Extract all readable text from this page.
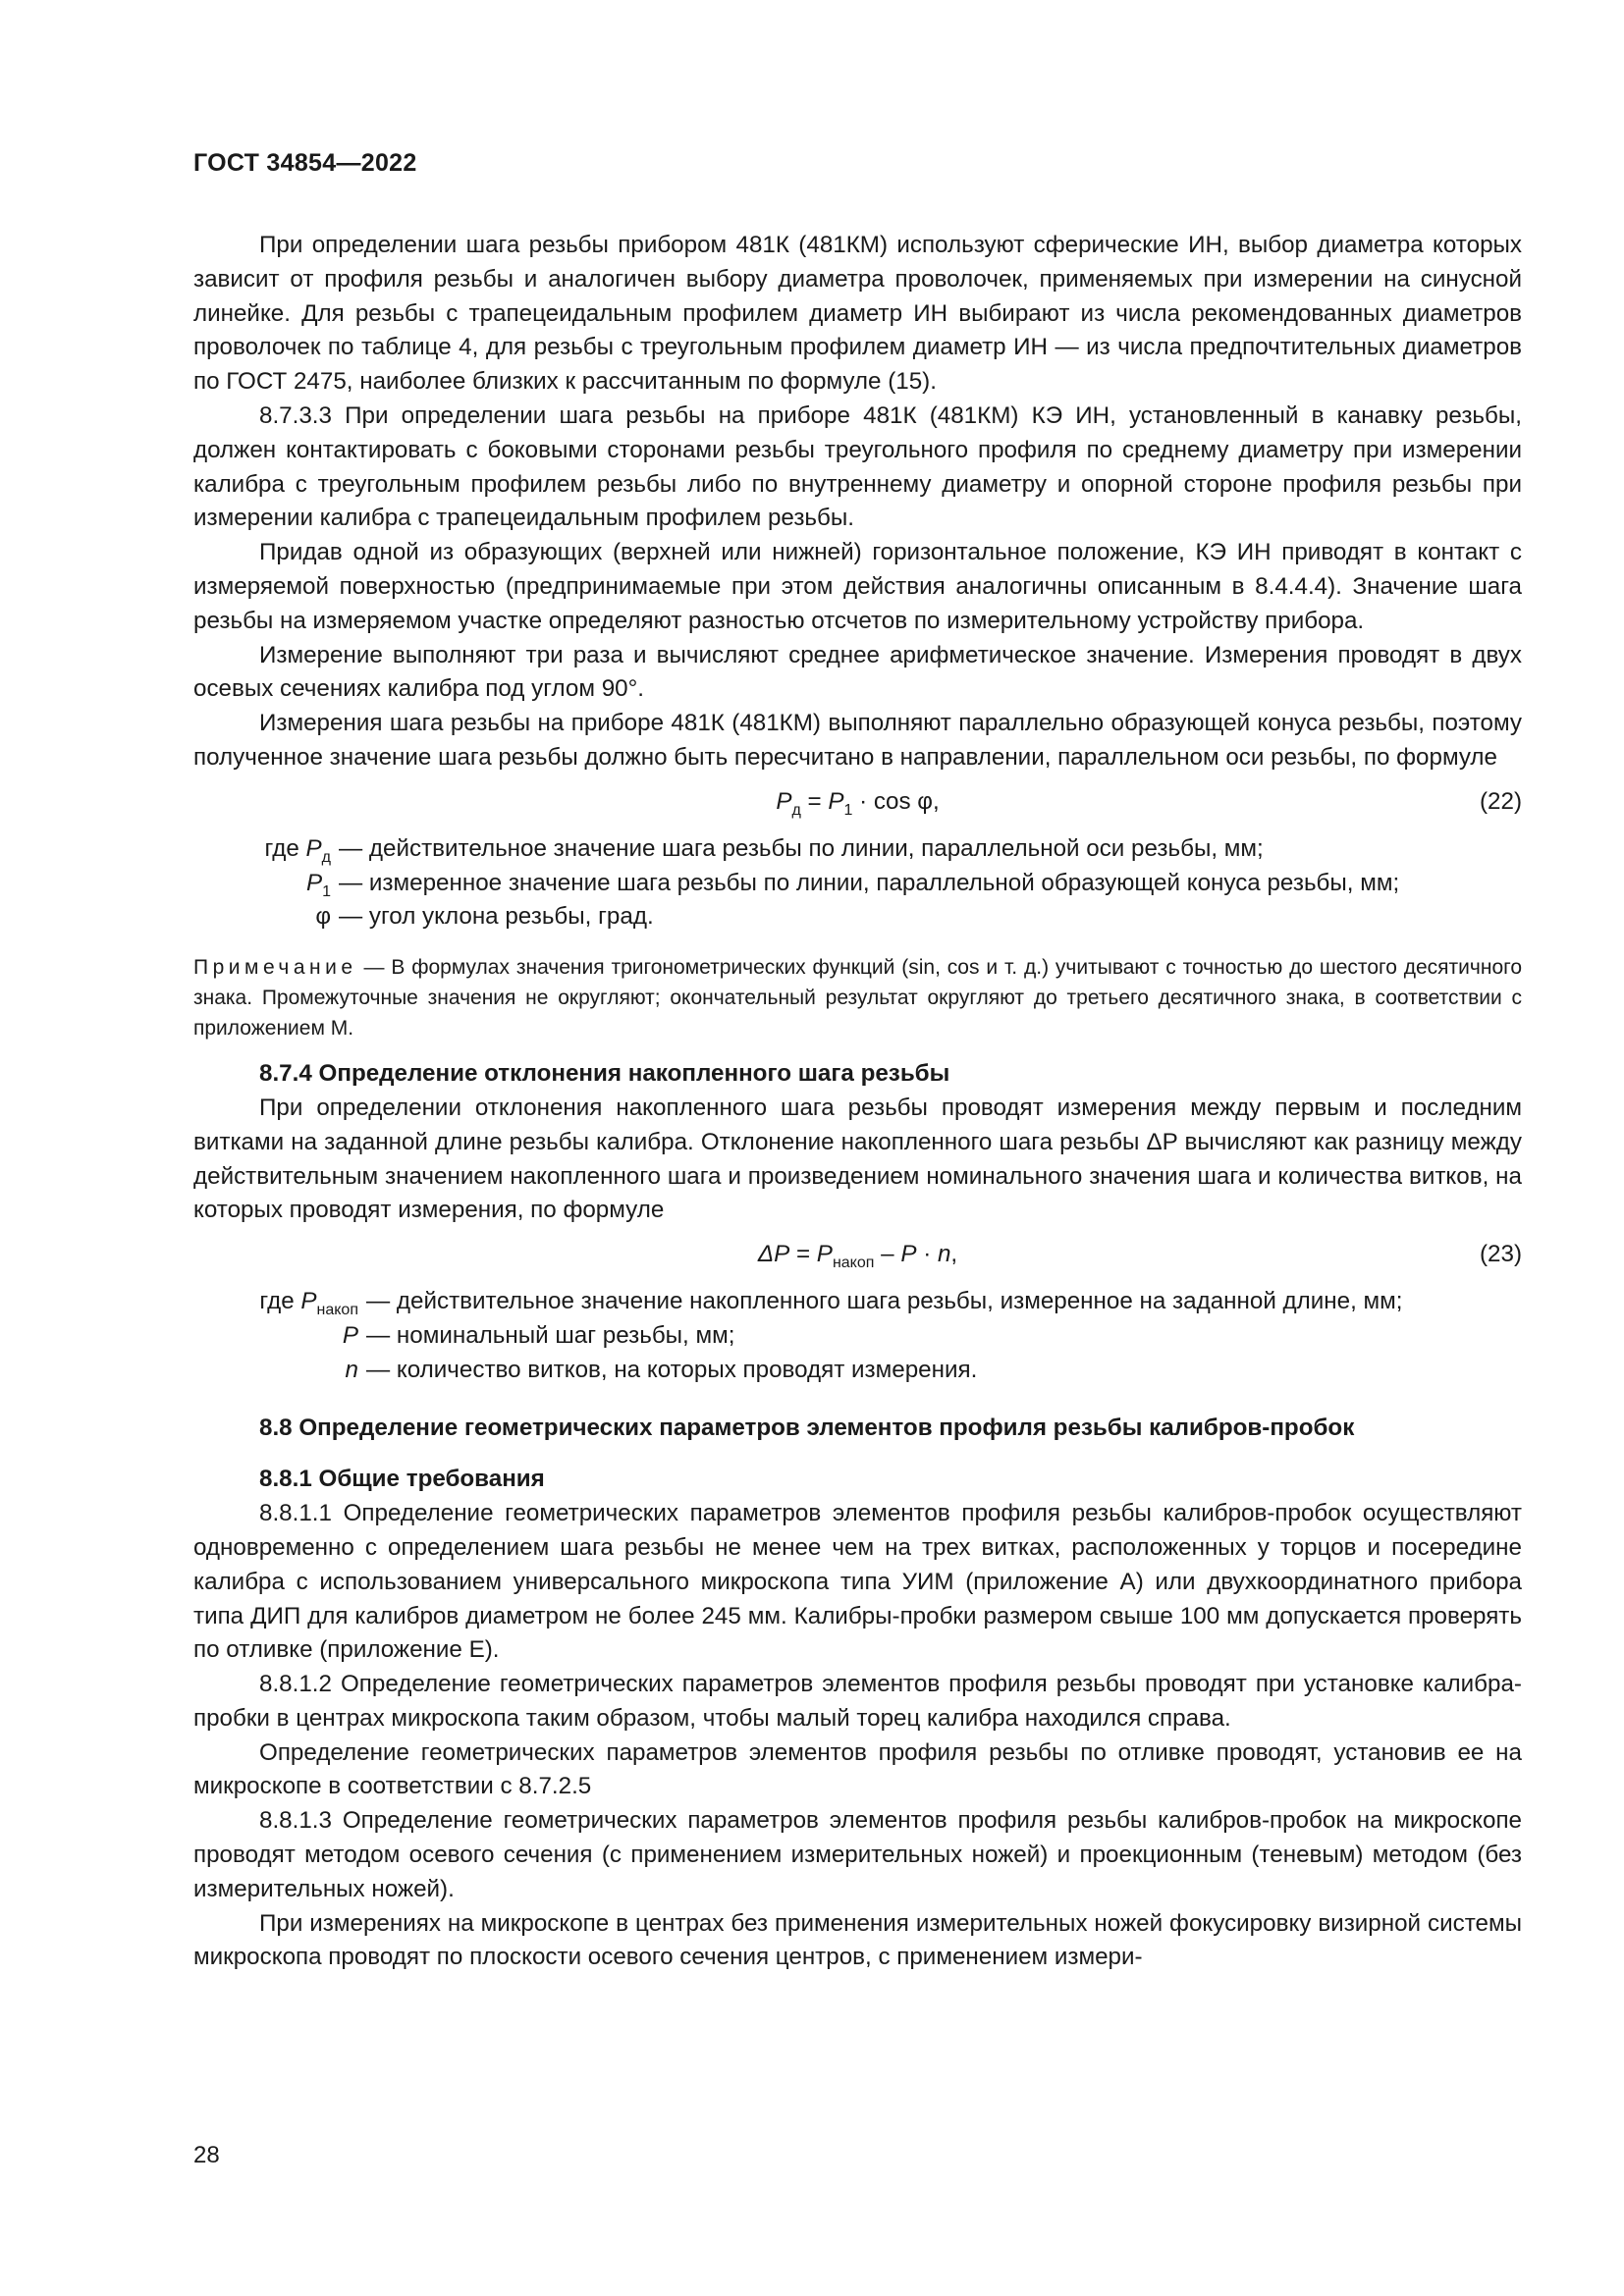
ГОСТ 34854—2022

При определении шага резьбы прибором 481К (481КМ) используют сферические ИН, выбор диаметра которых зависит от профиля резьбы и аналогичен выбору диаметра проволочек, применяемых при измерении на синусной линейке. Для резьбы с трапецеидальным профилем диаметр ИН выбирают из числа рекомендованных диаметров проволочек по таблице 4, для резьбы с треугольным профилем диаметр ИН — из числа предпочтительных диаметров по ГОСТ 2475, наиболее близких к рассчитанным по формуле (15).

8.7.3.3 При определении шага резьбы на приборе 481К (481КМ) КЭ ИН, установленный в канавку резьбы, должен контактировать с боковыми сторонами резьбы треугольного профиля по среднему диаметру при измерении калибра с треугольным профилем резьбы либо по внутреннему диаметру и опорной стороне профиля резьбы при измерении калибра с трапецеидальным профилем резьбы.

Придав одной из образующих (верхней или нижней) горизонтальное положение, КЭ ИН приводят в контакт с измеряемой поверхностью (предпринимаемые при этом действия аналогичны описанным в 8.4.4.4). Значение шага резьбы на измеряемом участке определяют разностью отсчетов по измерительному устройству прибора.

Измерение выполняют три раза и вычисляют среднее арифметическое значение. Измерения проводят в двух осевых сечениях калибра под углом 90°.

Измерения шага резьбы на приборе 481К (481КМ) выполняют параллельно образующей конуса резьбы, поэтому полученное значение шага резьбы должно быть пересчитано в направлении, параллельном оси резьбы, по формуле

$P_д = P_1 \cdot \cos \varphi$,	(22)
где $P_д$ — действительное значение шага резьбы по линии, параллельной оси резьбы, мм;
$P_1$ — измеренное значение шага резьбы по линии, параллельной образующей конуса резьбы, мм;
φ — угол уклона резьбы, град.

Примечание — В формулах значения тригонометрических функций (sin, cos и т. д.) учитывают с точностью до шестого десятичного знака. Промежуточные значения не округляют; окончательный результат округляют до третьего десятичного знака, в соответствии с приложением М.

8.7.4 Определение отклонения накопленного шага резьбы

При определении отклонения накопленного шага резьбы проводят измерения между первым и последним витками на заданной длине резьбы калибра. Отклонение накопленного шага резьбы ΔP вычисляют как разницу между действительным значением накопленного шага и произведением номинального значения шага и количества витков, на которых проводят измерения, по формуле

$\Delta P = P_{накоп} - P \cdot n$,	(23)
где $P_{накоп}$ — действительное значение накопленного шага резьбы, измеренное на заданной длине, мм;
P — номинальный шаг резьбы, мм;
n — количество витков, на которых проводят измерения.
8.8 Определение геометрических параметров элементов профиля резьбы калибров-пробок
8.8.1 Общие требования

8.8.1.1 Определение геометрических параметров элементов профиля резьбы калибров-пробок осуществляют одновременно с определением шага резьбы не менее чем на трех витках, расположенных у торцов и посередине калибра с использованием универсального микроскопа типа УИМ (приложение А) или двухкоординатного прибора типа ДИП для калибров диаметром не более 245 мм. Калибры-пробки размером свыше 100 мм допускается проверять по отливке (приложение Е).

8.8.1.2 Определение геометрических параметров элементов профиля резьбы проводят при установке калибра-пробки в центрах микроскопа таким образом, чтобы малый торец калибра находился справа.

Определение геометрических параметров элементов профиля резьбы по отливке проводят, установив ее на микроскопе в соответствии с 8.7.2.5

8.8.1.3 Определение геометрических параметров элементов профиля резьбы калибров-пробок на микроскопе проводят методом осевого сечения (с применением измерительных ножей) и проекционным (теневым) методом (без измерительных ножей).

При измерениях на микроскопе в центрах без применения измерительных ножей фокусировку визирной системы микроскопа проводят по плоскости осевого сечения центров, с применением измери-

28
